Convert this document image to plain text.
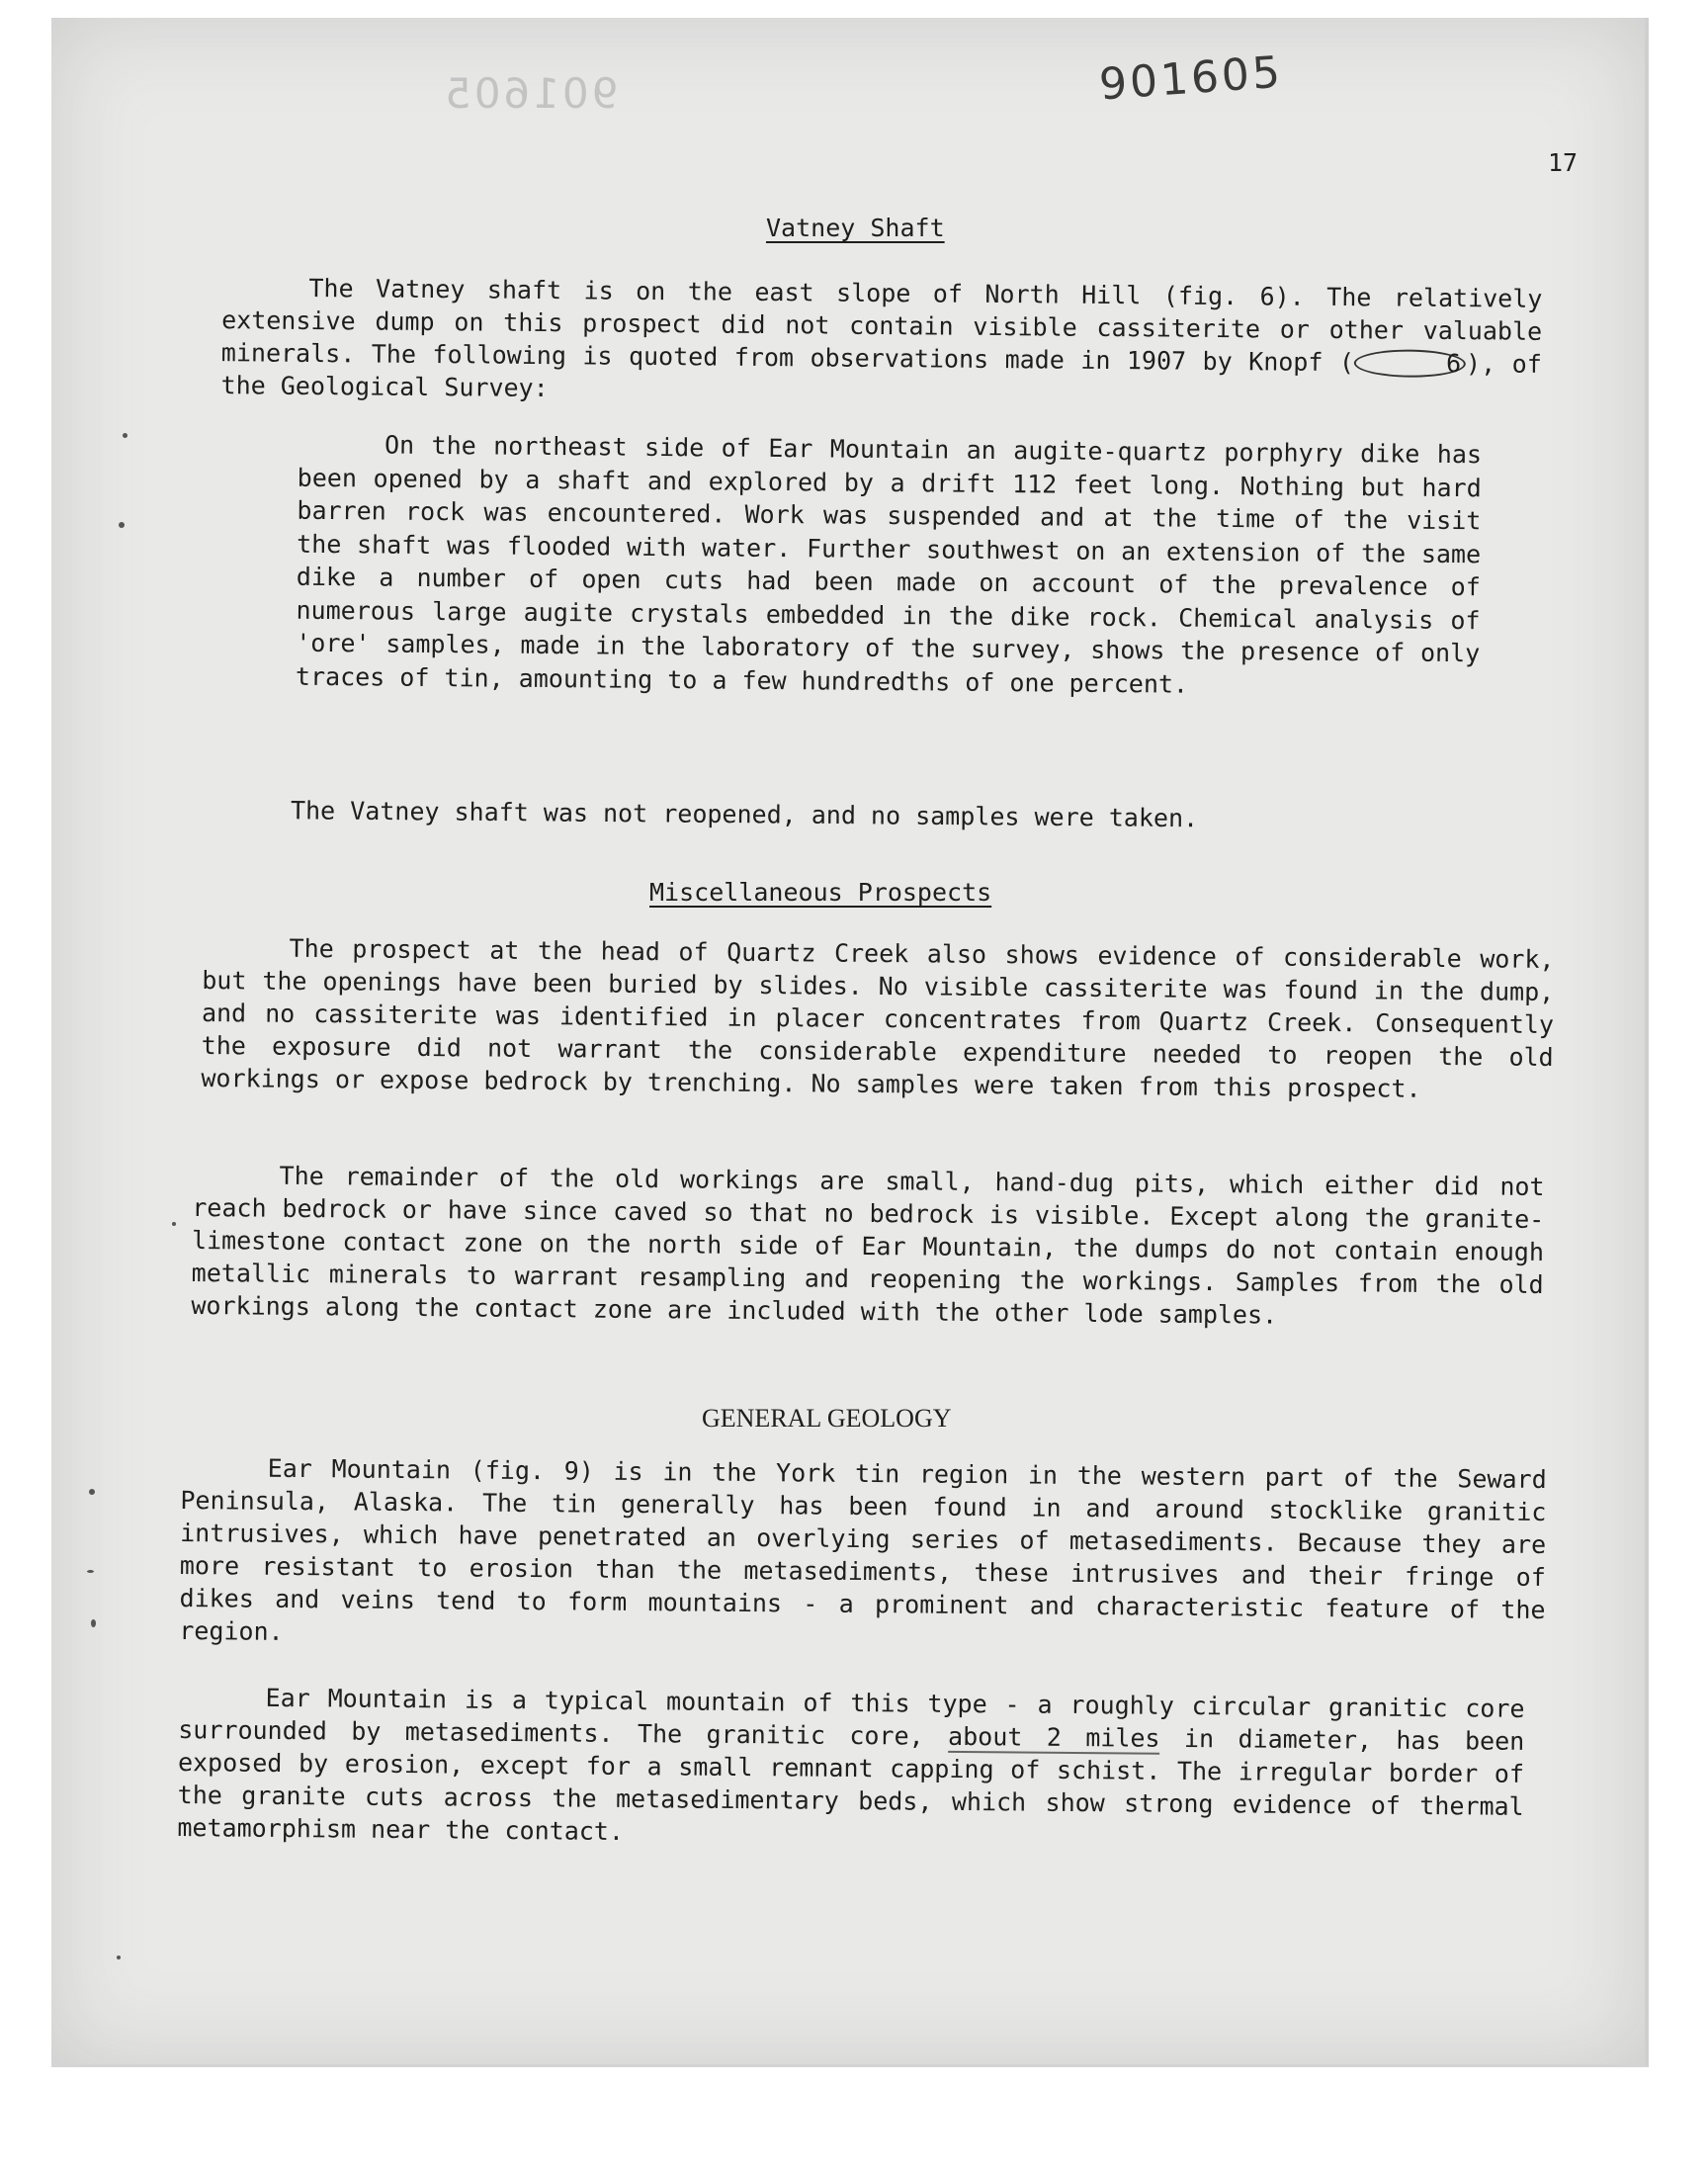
901605	901605
17
Vatney Shaft

The Vatney shaft is on the east slope of North Hill (fig. 6). The relatively extensive dump on this prospect did not contain visible cassiterite or other valuable minerals. The following is quoted from observations made in 1907 by Knopf (	6 ), of the Geological Survey:

On the northeast side of Ear Mountain an augite-quartz porphyry dike has been opened by a shaft and explored by a drift 112 feet long. Nothing but hard barren rock was encountered. Work was suspended and at the time of the visit the shaft was flooded with water. Further southwest on an extension of the same dike a number of open cuts had been made on account of the prevalence of numerous large augite crystals embedded in the dike rock. Chemical analysis of 'ore' samples, made in the laboratory of the survey, shows the presence of only traces of tin, amounting to a few hundredths of one percent.

The Vatney shaft was not reopened, and no samples were taken.

Miscellaneous Prospects

The prospect at the head of Quartz Creek also shows evidence of considerable work, but the openings have been buried by slides. No visible cassiterite was found in the dump, and no cassiterite was identified in placer concentrates from Quartz Creek. Consequently the exposure did not warrant the considerable expenditure needed to reopen the old workings or expose bedrock by trenching. No samples were taken from this prospect.

The remainder of the old workings are small, hand-dug pits, which either did not reach bedrock or have since caved so that no bedrock is visible. Except along the granite-limestone contact zone on the north side of Ear Mountain, the dumps do not contain enough metallic minerals to warrant resampling and reopening the workings. Samples from the old workings along the contact zone are included with the other lode samples.

GENERAL GEOLOGY

Ear Mountain (fig. 9) is in the York tin region in the western part of the Seward Peninsula, Alaska. The tin generally has been found in and around stocklike granitic intrusives, which have penetrated an overlying series of metasediments. Because they are more resistant to erosion than the metasediments, these intrusives and their fringe of dikes and veins tend to form mountains - a prominent and characteristic feature of the region.

Ear Mountain is a typical mountain of this type - a roughly circular granitic core surrounded by metasediments. The granitic core, about 2 miles in diameter, has been exposed by erosion, except for a small remnant capping of schist. The irregular border of the granite cuts across the metasedimentary beds, which show strong evidence of thermal metamorphism near the contact.
